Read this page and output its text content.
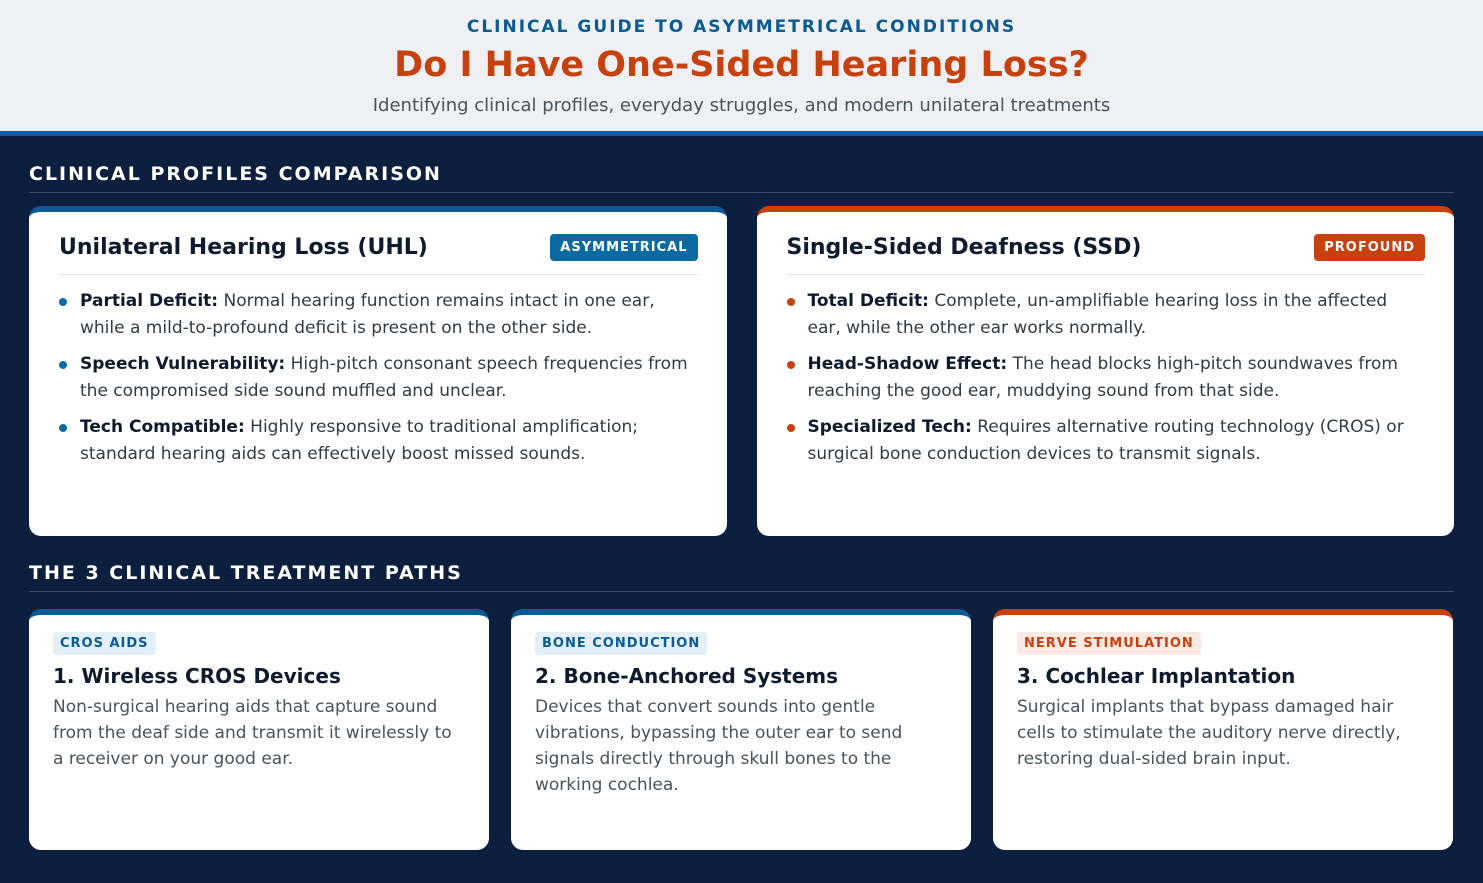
CLINICAL GUIDE TO ASYMMETRICAL CONDITIONS
Do I Have One-Sided Hearing Loss?
Identifying clinical profiles, everyday struggles, and modern unilateral treatments
CLINICAL PROFILES COMPARISON
Unilateral Hearing Loss (UHL)	ASYMMETRICAL
Partial Deficit: Normal hearing function remains intact in one ear, while a mild-to-profound deficit is present on the other side.
Speech Vulnerability: High-pitch consonant speech frequencies from the compromised side sound muffled and unclear.
Tech Compatible: Highly responsive to traditional amplification; standard hearing aids can effectively boost missed sounds.
Single-Sided Deafness (SSD)	PROFOUND
Total Deficit: Complete, un-amplifiable hearing loss in the affected ear, while the other ear works normally.
Head-Shadow Effect: The head blocks high-pitch soundwaves from reaching the good ear, muddying sound from that side.
Specialized Tech: Requires alternative routing technology (CROS) or surgical bone conduction devices to transmit signals.
THE 3 CLINICAL TREATMENT PATHS
CROS AIDS
1. Wireless CROS Devices

Non-surgical hearing aids that capture sound from the deaf side and transmit it wirelessly to a receiver on your good ear.

BONE CONDUCTION
2. Bone-Anchored Systems

Devices that convert sounds into gentle vibrations, bypassing the outer ear to send signals directly through skull bones to the working cochlea.

NERVE STIMULATION
3. Cochlear Implantation

Surgical implants that bypass damaged hair cells to stimulate the auditory nerve directly, restoring dual-sided brain input.
